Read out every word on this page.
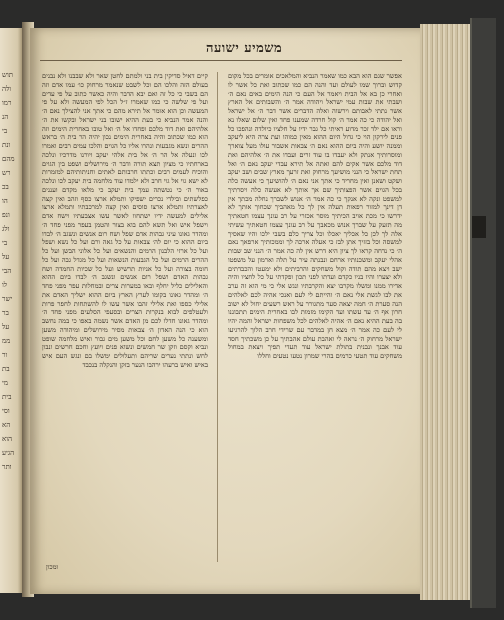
תוש
ולה
רמו
הנ
בי
ונת
מהם
רש
בכ
הו
ונפ
ולג
בי
על
הבי
לו
ישר
בר
על
ממ
ור
בת
מי
בית
וסי
הא
הוא
הגיע
ותר
משמיע ישועה

אפשר שגם הוא הבא כמו שאמר הנביא והמלאכים אומרים בכל מקום קדוש וברוך שמו לעולם ועד והנה הם כמו שכתוב ואת כל אשר לו ואחרי כן בא אל הבית ויאמר אל העם כי הנה הימים באים נאם ה׳ ושבתי את שבות עמי ישראל ויהודה אמר ה׳ והשבותים אל הארץ אשר נתתי לאבותם וירשוה ואלה הדברים אשר דבר ה׳ אל ישראל ואל יהודה כי כה אמר ה׳ קול חרדה שמענו פחד ואין שלום שאלו נא וראו אם ילד זכר מדוע ראיתי כל גבר ידיו על חלציו כיולדה ונהפכו כל פנים לירקון הוי כי גדול היום ההוא מאין כמוהו ועת צרה היא ליעקב וממנה יושע והיה ביום ההוא נאם ה׳ צבאות אשבור עולו מעל צוארך ומוסרותיך אנתק ולא יעבדו בו עוד זרים ועבדו את ה׳ אלהיהם ואת דוד מלכם אשר אקים להם ואתה אל תירא עבדי יעקב נאם ה׳ ואל תחת ישראל כי הנני מושיעך מרחוק ואת זרעך מארץ שבים ושב יעקב ושקט ושאנן ואין מחריד כי אתך אני נאם ה׳ להושיעך כי אעשה כלה בכל הגוים אשר הפצותיך שם אך אותך לא אעשה כלה ויסרתיך למשפט ונקה לא אנקך כי כה אמר ה׳ אנוש לשברך נחלה מכתך אין דן דינך למזור רפאות תעלה אין לך כל מאהביך שכחוך אותך לא ידרשו כי מכת אויב הכיתיך מוסר אכזרי על רב עונך עצמו חטאתיך מה תזעק על שברך אנוש מכאבך על רב עונך עצמו חטאתיך עשיתי אלה לך לכן כל אכליך יאכלו וכל צריך כלם בשבי ילכו והיו שאסיך למשסה וכל בזזיך אתן לבז כי אעלה ארכה לך וממכותיך ארפאך נאם ה׳ כי נדחה קראו לך ציון היא דרש אין לה כה אמר ה׳ הנני שב שבות אהלי יעקב ומשכנותיו ארחם ונבנתה עיר על תלה וארמון על משפטו ישב ויצא מהם תודה וקול משחקים והרביתים ולא ימעטו והכבדתים ולא יצערו והיו בניו כקדם ועדתו לפני תכון ופקדתי על כל לחציו והיה אדירו ממנו ומשלו מקרבו יצא והקרבתיו ונגש אלי כי מי הוא זה ערב את לבו לגשת אלי נאם ה׳ והייתם לי לעם ואנכי אהיה לכם לאלהים הנה סערת ה׳ חמה יצאה סער מתגורר על ראש רשעים יחול לא ישוב חרון אף ה׳ עד עשתו ועד הקימו מזמות לבו באחרית הימים תתבוננו בה בעת ההיא נאם ה׳ אהיה לאלהים לכל משפחות ישראל והמה יהיו לי לעם כה אמר ה׳ מצא חן במדבר עם שרידי חרב הלוך להרגיעו ישראל מרחוק ה׳ נראה לי ואהבת עולם אהבתיך על כן משכתיך חסד עוד אבנך ונבנית בתולת ישראל עוד תעדי תפיך ויצאת במחול משחקים עוד תטעי כרמים בהרי שמרון נטעו נטעים וחללו

קיים דאיל סדיקין בית בני ולמתם לחטן שאר ולא שבבנו ולא נבנים בעולם הזה והלכו הם וכל לשבט שנאמר מרחוק כו׳ עמו אדם וזה הם בשבי כי כל זה ואם יבא הדבר והיה כאשר כתוב על פי עדים ועל פי שלשה כי כמו שאמרו ז״ל הכל לפי המעשה ולא על פי המעשה וכן הוא אומר אל תירא מהם כי אתך אני להצילך נאם ה׳ והנה אמר הנביא כי בעת ההיא ישובו בני ישראל ובקשו את ה׳ אלהיהם ואת דוד מלכם ופחדו אל ה׳ ואל טובו באחרית הימים וזה הוא כמו שכתוב והיה באחרית הימים נכון יהיה הר בית ה׳ בראש ההרים ונשא מגבעות ונהרו אליו כל הגוים והלכו עמים רבים ואמרו לכו ונעלה אל הר ה׳ אל בית אלהי יעקב ויורנו מדרכיו ונלכה בארחתיו כי מציון תצא תורה ודבר ה׳ מירושלים ושפט בין הגוים והוכיח לעמים רבים וכתתו חרבותם לאתים וחניתותיהם למזמרות לא ישא גוי אל גוי חרב ולא ילמדו עוד מלחמה בית יעקב לכו ונלכה באור ה׳ כי נטשתה עמך בית יעקב כי מלאו מקדם ועננים כפלשתים ובילדי נכרים ישפיקו ותמלא ארצו כסף וזהב ואין קצה לאצרתיו ותמלא ארצו סוסים ואין קצה למרכבתיו ותמלא ארצו אלילים למעשה ידיו ישתחוו לאשר עשו אצבעתיו וישח אדם וישפל איש ואל תשא להם בוא בצור והטמן בעפר מפני פחד ה׳ ומהדר גאונו עיני גבהות אדם שפל ושח רום אנשים ונשגב ה׳ לבדו ביום ההוא כי יום לה׳ צבאות על כל גאה ורם ועל כל נשא ושפל ועל כל ארזי הלבנון הרמים והנשאים ועל כל אלוני הבשן ועל כל ההרים הרמים ועל כל הגבעות הנשאות ועל כל מגדל גבה ועל כל חומה בצורה ועל כל אניות תרשיש ועל כל שכיות החמדה ושח גבהות האדם ושפל רום אנשים ונשגב ה׳ לבדו ביום ההוא והאלילים כליל יחלף ובאו במערות צרים ובמחלות עפר מפני פחד ה׳ ומהדר גאונו בקומו לערץ הארץ ביום ההוא ישליך האדם את אלילי כספו ואת אלילי זהבו אשר עשו לו להשתחות לחפר פרות ולעטלפים לבוא בנקרות הצרים ובסעפי הסלעים מפני פחד ה׳ ומהדר גאונו חדלו לכם מן האדם אשר נשמה באפו כי במה נחשב הוא כי הנה האדון ה׳ צבאות מסיר מירושלים ומיהודה משען ומשענה כל משען לחם וכל משען מים גבור ואיש מלחמה שופט ונביא וקסם וזקן שר חמשים ונשוא פנים ויועץ וחכם חרשים ונבון לחש ונתתי נערים שריהם ותעלולים ימשלו בם ונגש העם איש באיש ואיש ברעהו ירהבו הנער בזקן והנקלה בנכבד

ומכון
